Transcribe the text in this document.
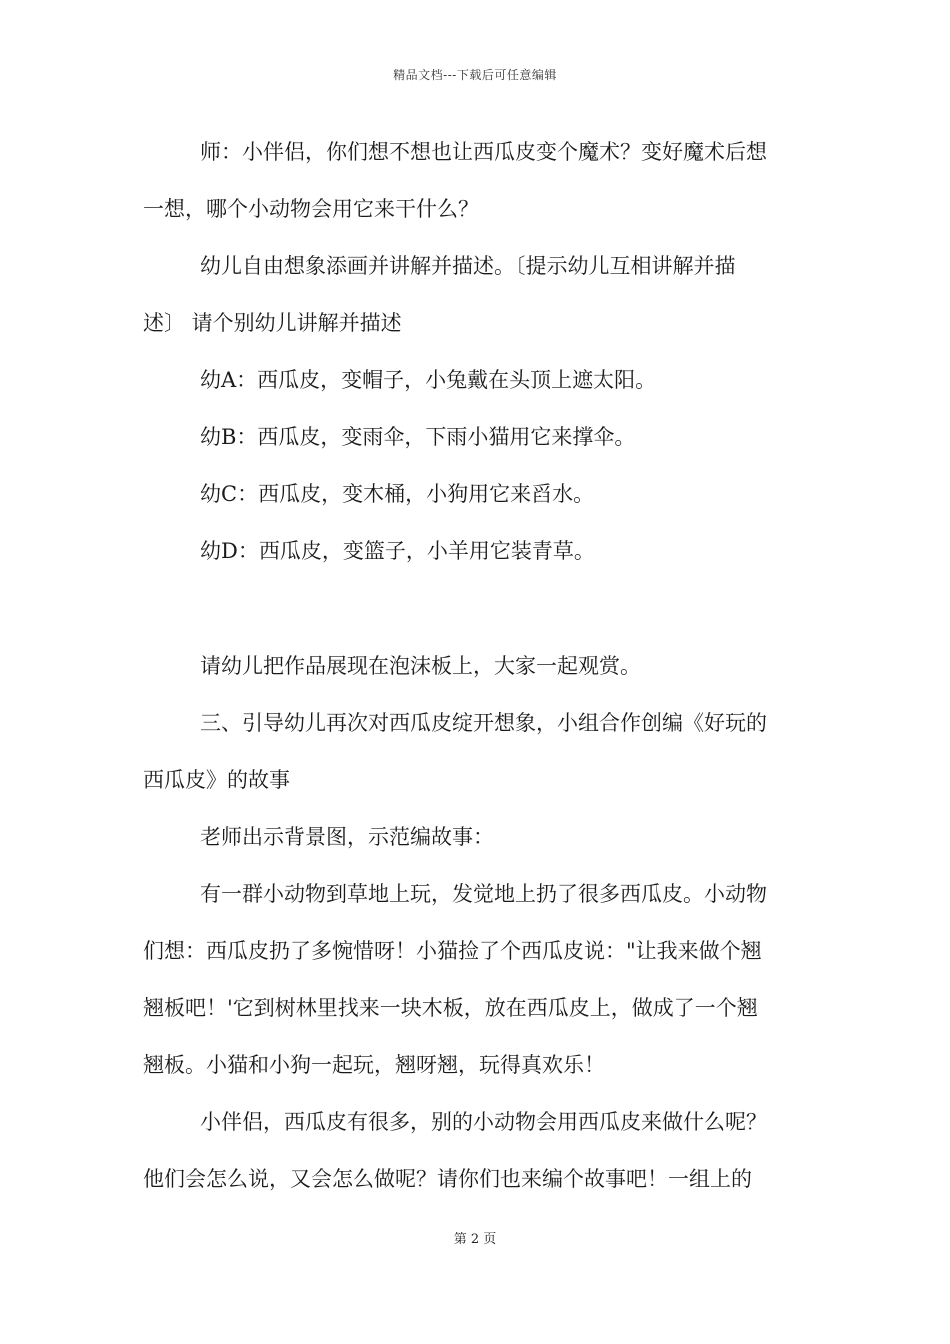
精品文档---下载后可任意编辑
师：小伴侣，你们想不想也让西瓜皮变个魔术？变好魔术后想
一想，哪个小动物会用它来干什么？
幼儿自由想象添画并讲解并描述。〔提示幼儿互相讲解并描
述〕 请个别幼儿讲解并描述
幼A：西瓜皮，变帽子，小兔戴在头顶上遮太阳。
幼B：西瓜皮，变雨伞，下雨小猫用它来撑伞。
幼C：西瓜皮，变木桶，小狗用它来舀水。
幼D：西瓜皮，变篮子，小羊用它装青草。
请幼儿把作品展现在泡沫板上，大家一起观赏。
三、引导幼儿再次对西瓜皮绽开想象，小组合作创编《好玩的
西瓜皮》的故事
老师出示背景图，示范编故事：
有一群小动物到草地上玩，发觉地上扔了很多西瓜皮。小动物
们想：西瓜皮扔了多惋惜呀！小猫捡了个西瓜皮说："让我来做个翘
翘板吧！'它到树林里找来一块木板，放在西瓜皮上，做成了一个翘
翘板。小猫和小狗一起玩，翘呀翘，玩得真欢乐！
小伴侣，西瓜皮有很多，别的小动物会用西瓜皮来做什么呢？
他们会怎么说，又会怎么做呢？请你们也来编个故事吧！一组上的
第 2 页
